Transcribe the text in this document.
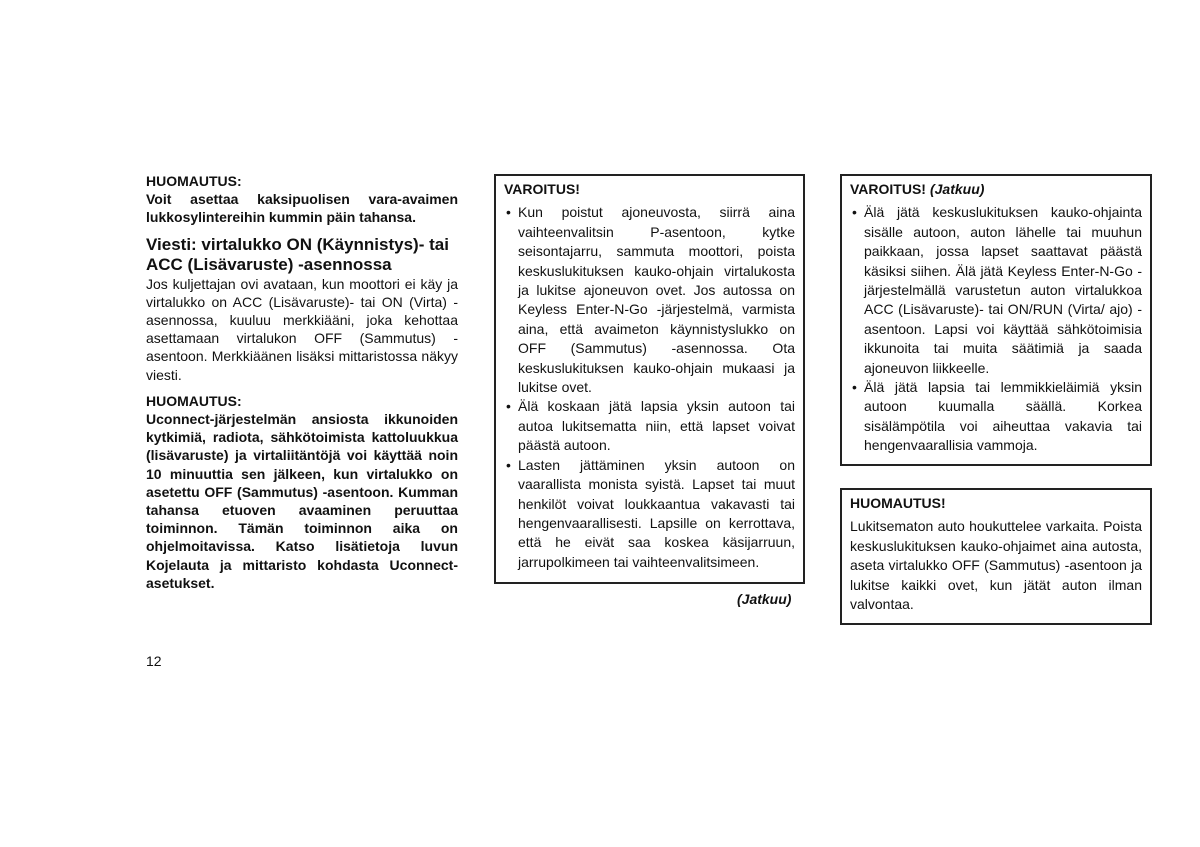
HUOMAUTUS:

Voit asettaa kaksipuolisen vara-avaimen lukkosylintereihin kummin päin tahansa.

Viesti: virtalukko ON (Käynnistys)- tai ACC (Lisävaruste) -asennossa

Jos kuljettajan ovi avataan, kun moottori ei käy ja virtalukko on ACC (Lisävaruste)- tai ON (Virta) -asennossa, kuuluu merkkiääni, joka kehottaa asettamaan virtalukon OFF (Sammutus) -asentoon. Merkkiäänen lisäksi mittaristossa näkyy viesti.

HUOMAUTUS:

Uconnect-järjestelmän ansiosta ikkunoiden kytkimiä, radiota, sähkötoimista kattoluukkua (lisävaruste) ja virtaliitäntöjä voi käyttää noin 10 minuuttia sen jälkeen, kun virtalukko on asetettu OFF (Sammutus) -asentoon. Kumman tahansa etuoven avaaminen peruuttaa toiminnon. Tämän toiminnon aika on ohjelmoitavissa. Katso lisätietoja luvun Kojelauta ja mittaristo kohdasta Uconnect-asetukset.

VAROITUS!

• Kun poistut ajoneuvosta, siirrä aina vaihteenvalitsin P-asentoon, kytke seisontajarru, sammuta moottori, poista keskuslukituksen kauko-ohjain virtalukosta ja lukitse ajoneuvon ovet. Jos autossa on Keyless Enter-N-Go -järjestelmä, varmista aina, että avaimeton käynnistyslukko on OFF (Sammutus) -asennossa. Ota keskuslukituksen kauko-ohjain mukaasi ja lukitse ovet.
• Älä koskaan jätä lapsia yksin autoon tai autoa lukitsematta niin, että lapset voivat päästä autoon.
• Lasten jättäminen yksin autoon on vaarallista monista syistä. Lapset tai muut henkilöt voivat loukkaantua vakavasti tai hengenvaarallisesti. Lapsille on kerrottava, että he eivät saa koskea käsijarruun, jarrupolkimeen tai vaihteenvalitsimeen.
(Jatkuu)

VAROITUS! (Jatkuu)

• Älä jätä keskuslukituksen kauko-ohjainta sisälle autoon, auton lähelle tai muuhun paikkaan, jossa lapset saattavat päästä käsiksi siihen. Älä jätä Keyless Enter-N-Go -järjestelmällä varustetun auton virtalukkoa ACC (Lisävaruste)- tai ON/RUN (Virta/ ajo) -asentoon. Lapsi voi käyttää sähkötoimisia ikkunoita tai muita säätimiä ja saada ajoneuvon liikkeelle.
• Älä jätä lapsia tai lemmikkieläimiä yksin autoon kuumalla säällä. Korkea sisälämpötila voi aiheuttaa vakavia tai hengenvaarallisia vammoja.

HUOMAUTUS!

Lukitsematon auto houkuttelee varkaita. Poista keskuslukituksen kauko-ohjaimet aina autosta, aseta virtalukko OFF (Sammutus) -asentoon ja lukitse kaikki ovet, kun jätät auton ilman valvontaa.

12
